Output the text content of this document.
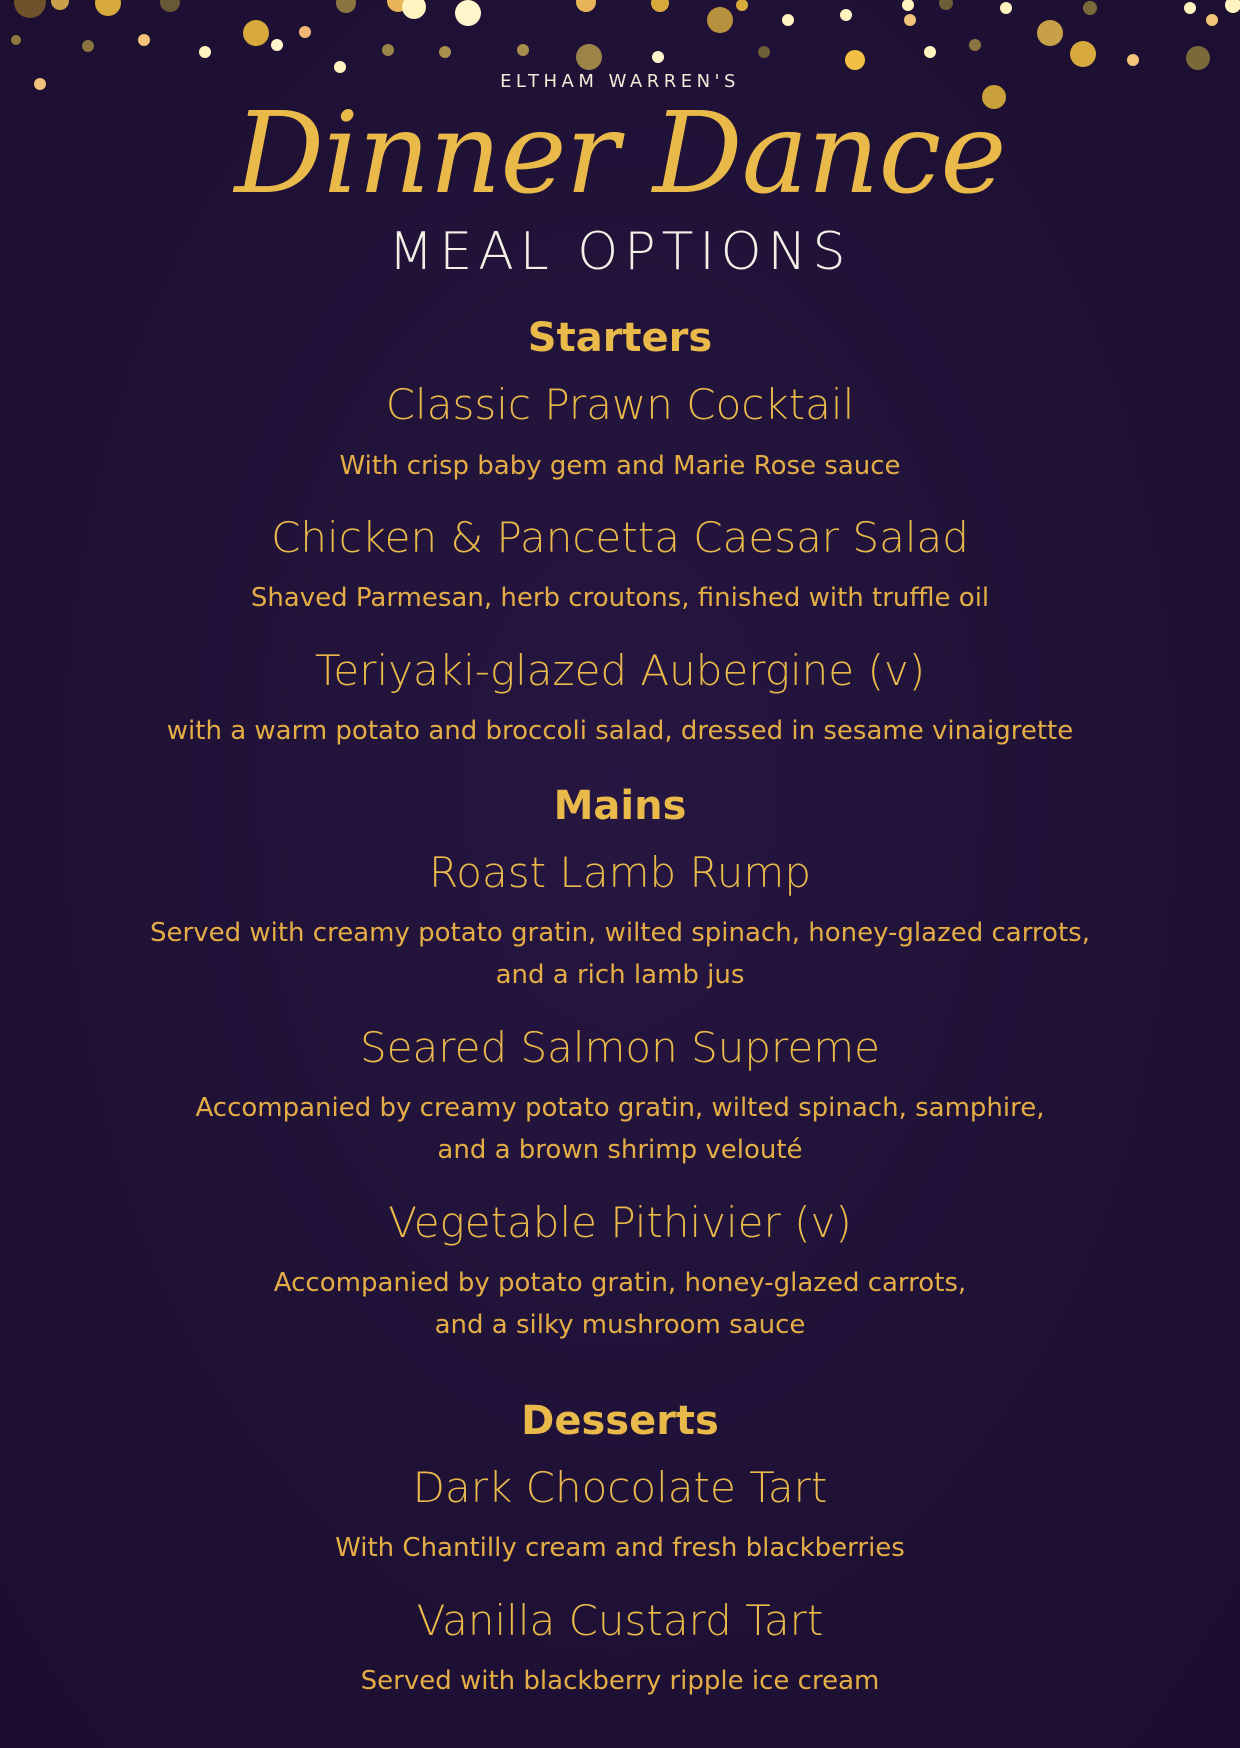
ELTHAM WARREN'S
Dinner Dance
MEAL OPTIONS
Starters
Classic Prawn Cocktail
With crisp baby gem and Marie Rose sauce
Chicken & Pancetta Caesar Salad
Shaved Parmesan, herb croutons, finished with truffle oil
Teriyaki-glazed Aubergine (v)
with a warm potato and broccoli salad, dressed in sesame vinaigrette
Mains
Roast Lamb Rump
Served with creamy potato gratin, wilted spinach, honey-glazed carrots,
and a rich lamb jus
Seared Salmon Supreme
Accompanied by creamy potato gratin, wilted spinach, samphire,
and a brown shrimp velouté
Vegetable Pithivier (v)
Accompanied by potato gratin, honey-glazed carrots,
and a silky mushroom sauce
Desserts
Dark Chocolate Tart
With Chantilly cream and fresh blackberries
Vanilla Custard Tart
Served with blackberry ripple ice cream
